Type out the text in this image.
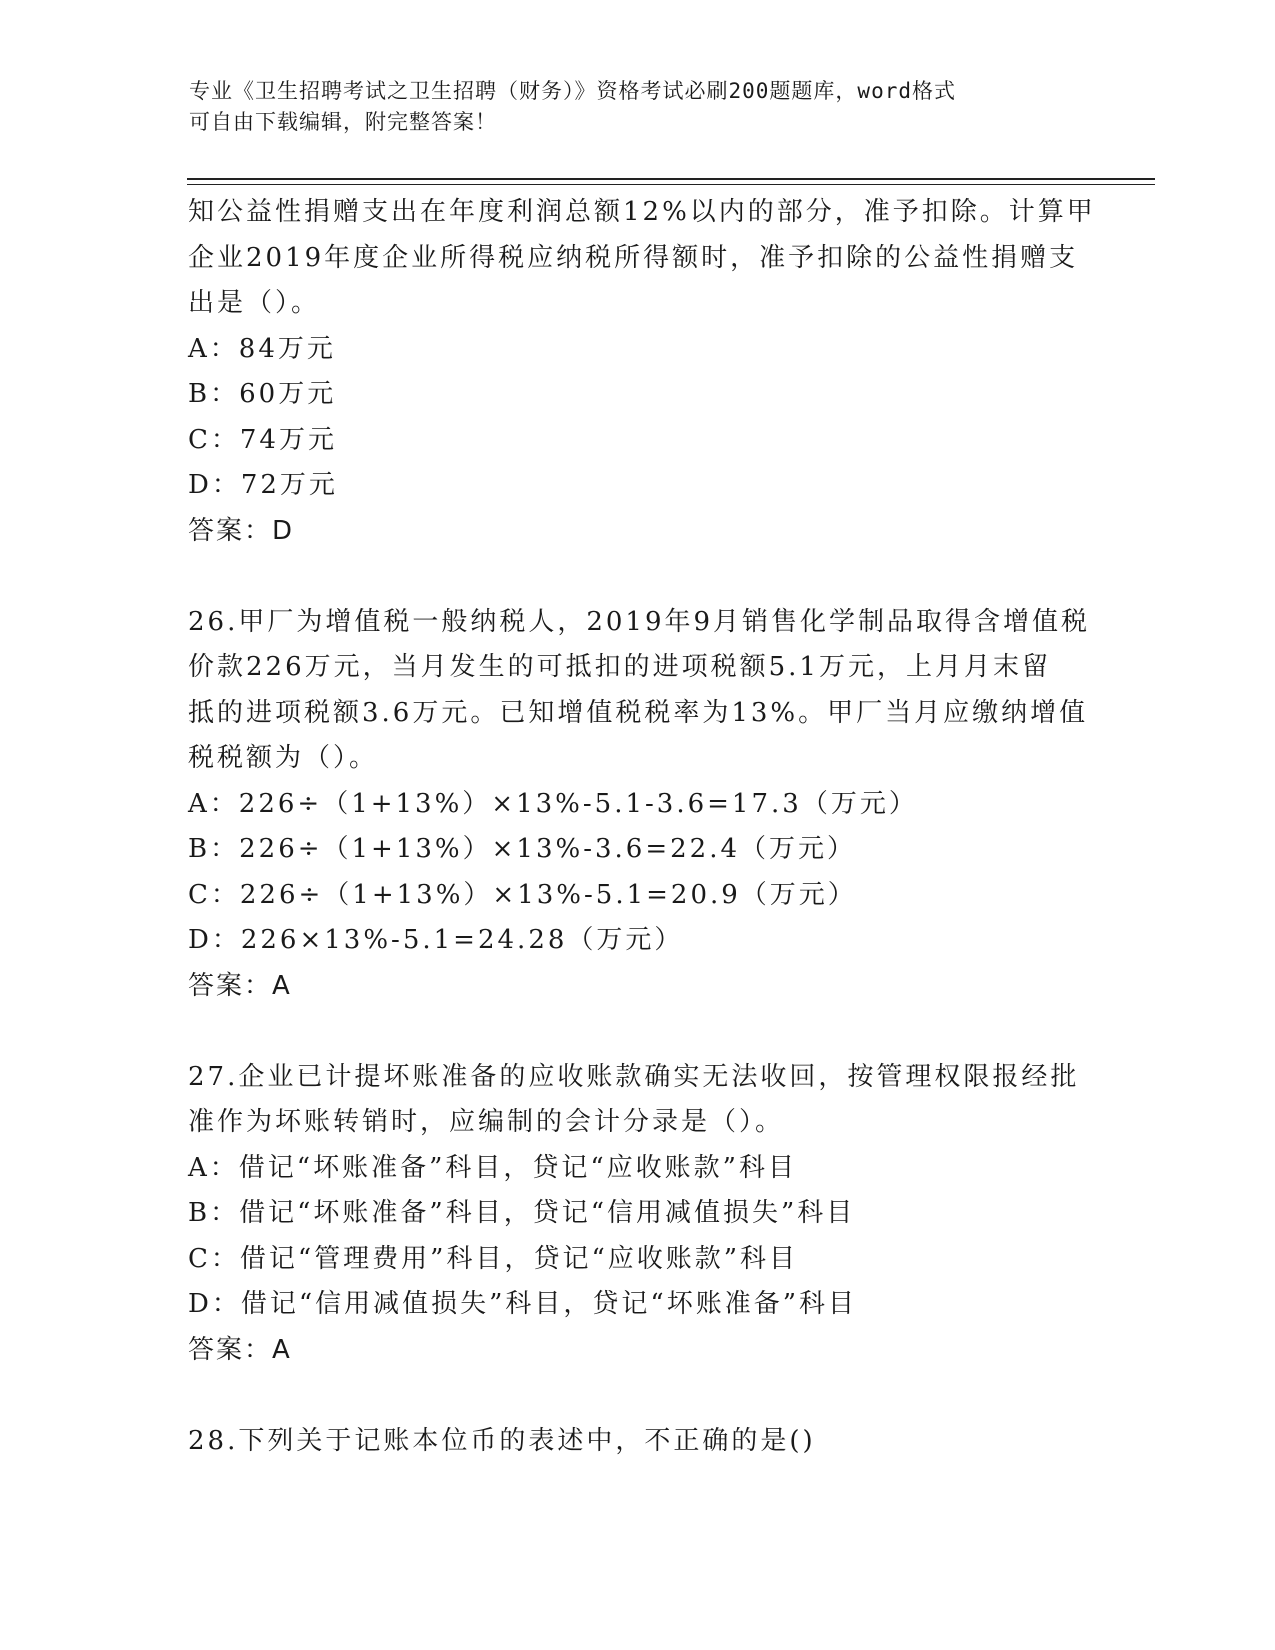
专业《卫生招聘考试之卫生招聘（财务）》资格考试必刷200题题库，word格式
可自由下载编辑，附完整答案！
知公益性捐赠支出在年度利润总额12%以内的部分，准予扣除。计算甲
企业2019年度企业所得税应纳税所得额时，准予扣除的公益性捐赠支
出是（）。
A：84万元
B：60万元
C：74万元
D：72万元
答案：D
26.甲厂为增值税一般纳税人，2019年9月销售化学制品取得含增值税
价款226万元，当月发生的可抵扣的进项税额5.1万元，上月月末留
抵的进项税额3.6万元。已知增值税税率为13%。甲厂当月应缴纳增值
税税额为（）。
A：226÷（1+13%）×13%-5.1-3.6=17.3（万元）
B：226÷（1+13%）×13%-3.6=22.4（万元）
C：226÷（1+13%）×13%-5.1=20.9（万元）
D：226×13%-5.1=24.28（万元）
答案：A
27.企业已计提坏账准备的应收账款确实无法收回，按管理权限报经批
准作为坏账转销时，应编制的会计分录是（）。
A：借记“坏账准备”科目，贷记“应收账款”科目
B：借记“坏账准备”科目，贷记“信用减值损失”科目
C：借记“管理费用”科目，贷记“应收账款”科目
D：借记“信用减值损失”科目，贷记“坏账准备”科目
答案：A
28.下列关于记账本位币的表述中，不正确的是()
